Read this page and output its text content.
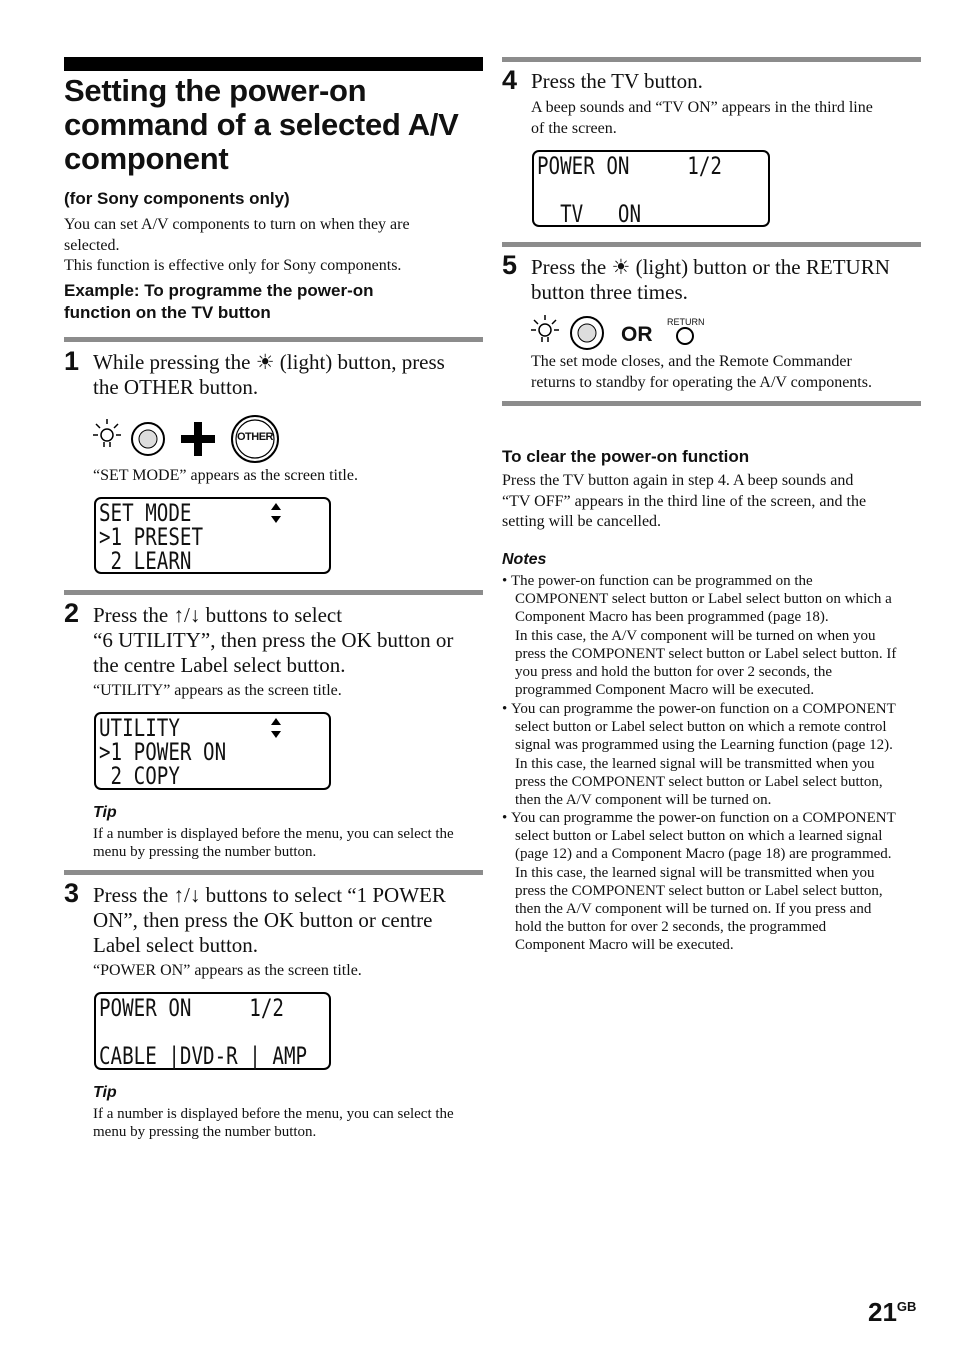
Setting the power-on
command of a selected A/V
component
(for Sony components only)
You can set A/V components to turn on when they are
selected.
This function is effective only for Sony components.
Example: To programme the power-on
function on the TV button
1 While pressing the ☀ (light) button, press
the OTHER button.
OTHER
“SET MODE” appears as the screen title.
SET MODE
>1 PRESET
2 LEARN
2 Press the ↑/↓ buttons to select
“6 UTILITY”, then press the OK button or
the centre Label select button.
“UTILITY” appears as the screen title.
UTILITY
>1 POWER ON
2 COPY
Tip
If a number is displayed before the menu, you can select the
menu by pressing the number button.
3 Press the ↑/↓ buttons to select “1 POWER
ON”, then press the OK button or centre
Label select button.
“POWER ON” appears as the screen title.
POWER ON     1/2
CABLE |DVD-R | AMP
Tip
If a number is displayed before the menu, you can select the
menu by pressing the number button.
4 Press the TV button.
A beep sounds and “TV ON” appears in the third line
of the screen.
POWER ON     1/2
TV   ON
5 Press the ☀ (light) button or the RETURN
button three times.
OR
RETURN
The set mode closes, and the Remote Commander
returns to standby for operating the A/V components.
To clear the power-on function
Press the TV button again in step 4. A beep sounds and
“TV OFF” appears in the third line of the screen, and the
setting will be cancelled.
Notes
• The power-on function can be programmed on the
COMPONENT select button or Label select button on which a
Component Macro has been programmed (page 18).
In this case, the A/V component will be turned on when you
press the COMPONENT select button or Label select button. If
you press and hold the button for over 2 seconds, the
programmed Component Macro will be executed.
• You can programme the power-on function on a COMPONENT
select button or Label select button on which a remote control
signal was programmed using the Learning function (page 12).
In this case, the learned signal will be transmitted when you
press the COMPONENT select button or Label select button,
then the A/V component will be turned on.
• You can programme the power-on function on a COMPONENT
select button or Label select button on which a learned signal
(page 12) and a Component Macro (page 18) are programmed.
In this case, the learned signal will be transmitted when you
press the COMPONENT select button or Label select button,
then the A/V component will be turned on. If you press and
hold the button for over 2 seconds, the programmed
Component Macro will be executed.
$21^{GB}$
